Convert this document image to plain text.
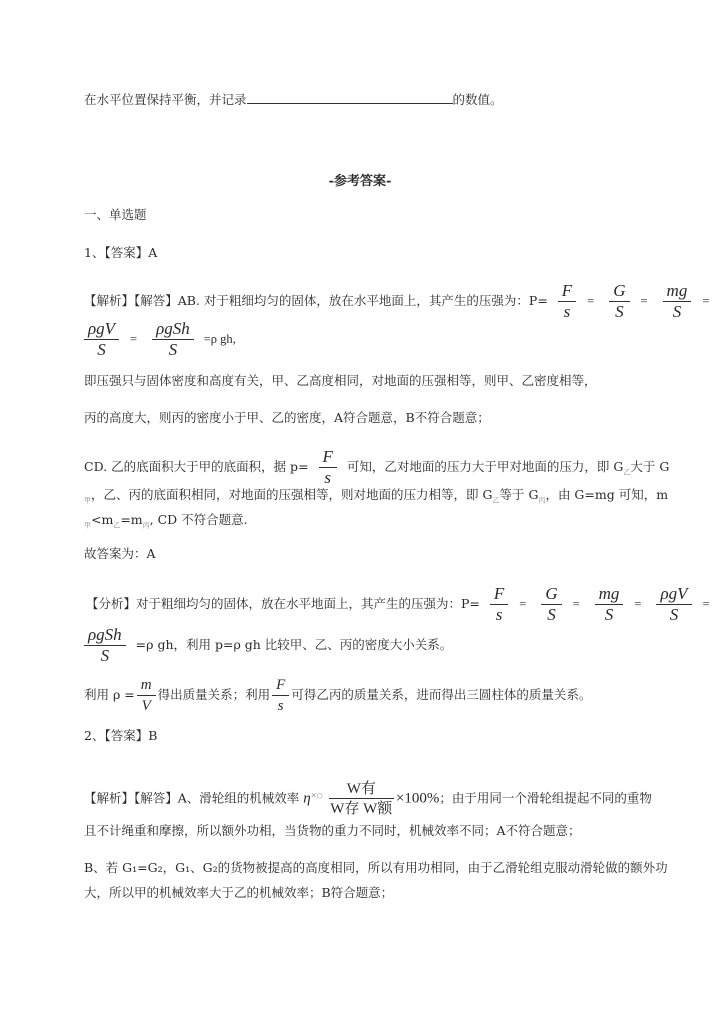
在水平位置保持平衡，并记录	的数值。
-参考答案-
一、单选题
1、【答案】A
【解析】【解答】AB. 对于粗细均匀的固体，放在水平地面上，其产生的压强为：$P= \frac{F}{s} = \frac{G}{S} = \frac{mg}{S}$ =
$\frac{\text{ρgV}}{S} = \frac{\text{ρgSh}}{S} =\rho$ gh,
即压强只与固体密度和高度有关，甲、乙高度相同，对地面的压强相等，则甲、乙密度相等，
丙的高度大，则丙的密度小于甲、乙的密度，A符合题意，B不符合题意；
CD. 乙的底面积大于甲的底面积，据 $p= \frac{F}{s}$ 可知，乙对地面的压力大于甲对地面的压力，即 $G_乙$大于 G
$_甲$，乙、丙的底面积相同，对地面的压强相等，则对地面的压力相等，即 $G_乙$等于 $G_丙$，由 G=mg 可知，m
$_甲<m_乙=m_丙$, CD 不符合题意.
故答案为：A
【分析】对于粗细均匀的固体，放在水平地面上，其产生的压强为：$P= \frac{F}{s} = \frac{G}{S} = \frac{mg}{S} = \frac{\text{ρgV}}{S}$ =
$\frac{\text{ρgSh}}{S} =\rho$ gh，利用 p=ρ gh 比较甲、乙、丙的密度大小关系。
利用 $\rho = \frac{m}{V}$ 得出质量关系；利用 $\frac{F}{s}$ 可得乙丙的质量关系，进而得出三圆柱体的质量关系。
2、【答案】B
【解析】【解答】A、滑轮组的机械效率 $\eta^{\times○} \frac{\text{W有}}{\text{W存 W额}} \times 100\%$；由于用同一个滑轮组提起不同的重物
且不计绳重和摩擦，所以额外功相，当货物的重力不同时，机械效率不同；A不符合题意；
B、若 G₁=G₂，G₁、G₂的货物被提高的高度相同，所以有用功相同，由于乙滑轮组克服动滑轮做的额外功
大，所以甲的机械效率大于乙的机械效率；B符合题意；
